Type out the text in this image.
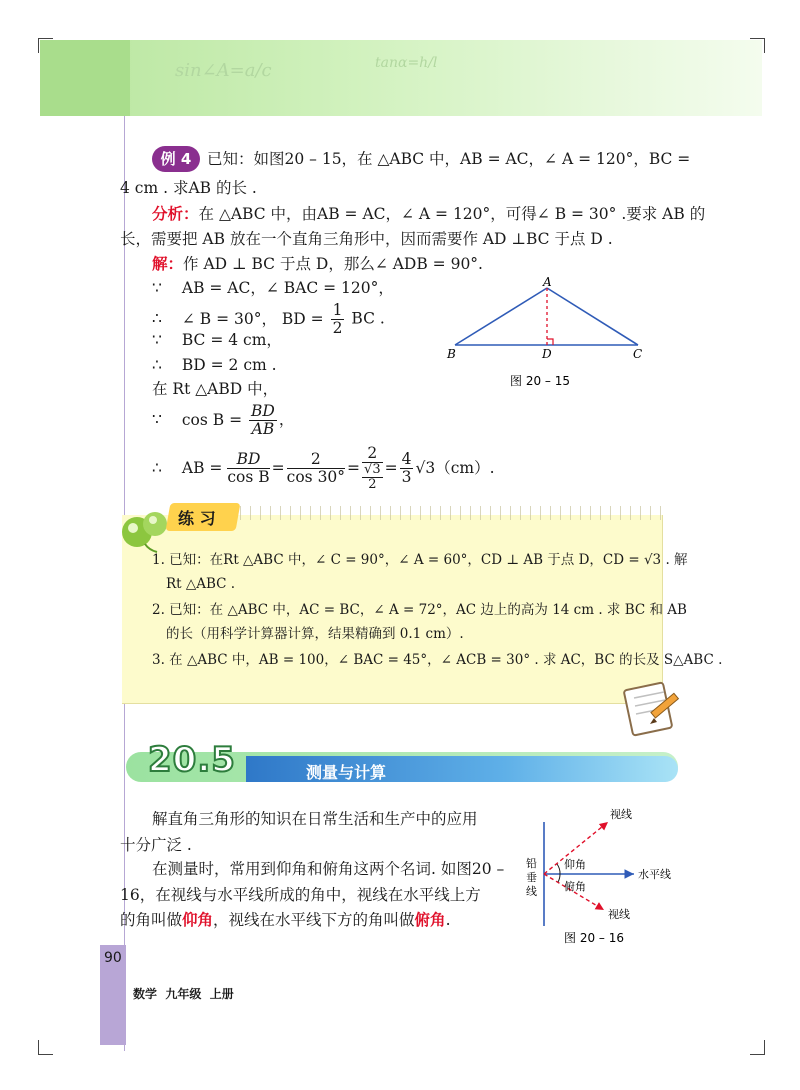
sin∠A=a/c	tanα=h/l
例 4	已知：如图20 – 15，在 △ABC 中，AB = AC，∠ A = 120°，BC =
4 cm . 求AB 的长 .
分析：在 △ABC 中，由AB = AC，∠ A = 120°，可得∠ B = 30° .要求 AB 的
长，需要把 AB 放在一个直角三角形中，因而需要作 AD ⊥BC 于点 D .
解：作 AD ⊥ BC 于点 D，那么∠ ADB = 90°.
∵ AB = AC，∠ BAC = 120°，
∴ ∠ B = 30°， BD = $\frac{1}{2}$ BC .
∵ BC = 4 cm，
∴ BD = 2 cm .
在 Rt △ABD 中，
∵ $\cos B = \frac{BD}{AB}$ ，
∴ AB = $\frac{BD}{\text{cos B}} = \frac{2}{\cos 30^\circ} = \frac{2}{\frac{√3}{2}} = \frac{4}{3} √3(cm)$.
A
B	C
D
图 20 – 15
练 习
1. 已知：在Rt △ABC 中，∠ C = 90°，∠ A = 60°，CD ⊥ AB 于点 D，CD = √3 . 解
Rt △ABC .
2. 已知：在 △ABC 中，AC = BC，∠ A = 72°，AC 边上的高为 14 cm . 求 BC 和 AB
的长（用科学计算器计算，结果精确到 0.1 cm）.
3. 在 △ABC 中，AB = 100，∠ BAC = 45°，∠ ACB = 30° . 求 AC，BC 的长及 S△ABC .
20.5	测量与计算
解直角三角形的知识在日常生活和生产中的应用
十分广泛 .
在测量时，常用到仰角和俯角这两个名词. 如图20 –
16，在视线与水平线所成的角中，视线在水平线上方
的角叫做仰角，视线在水平线下方的角叫做俯角.
视线
视线
水平线
铅
垂
线
仰角
俯角
图 20 – 16
90
数学  九年级  上册
